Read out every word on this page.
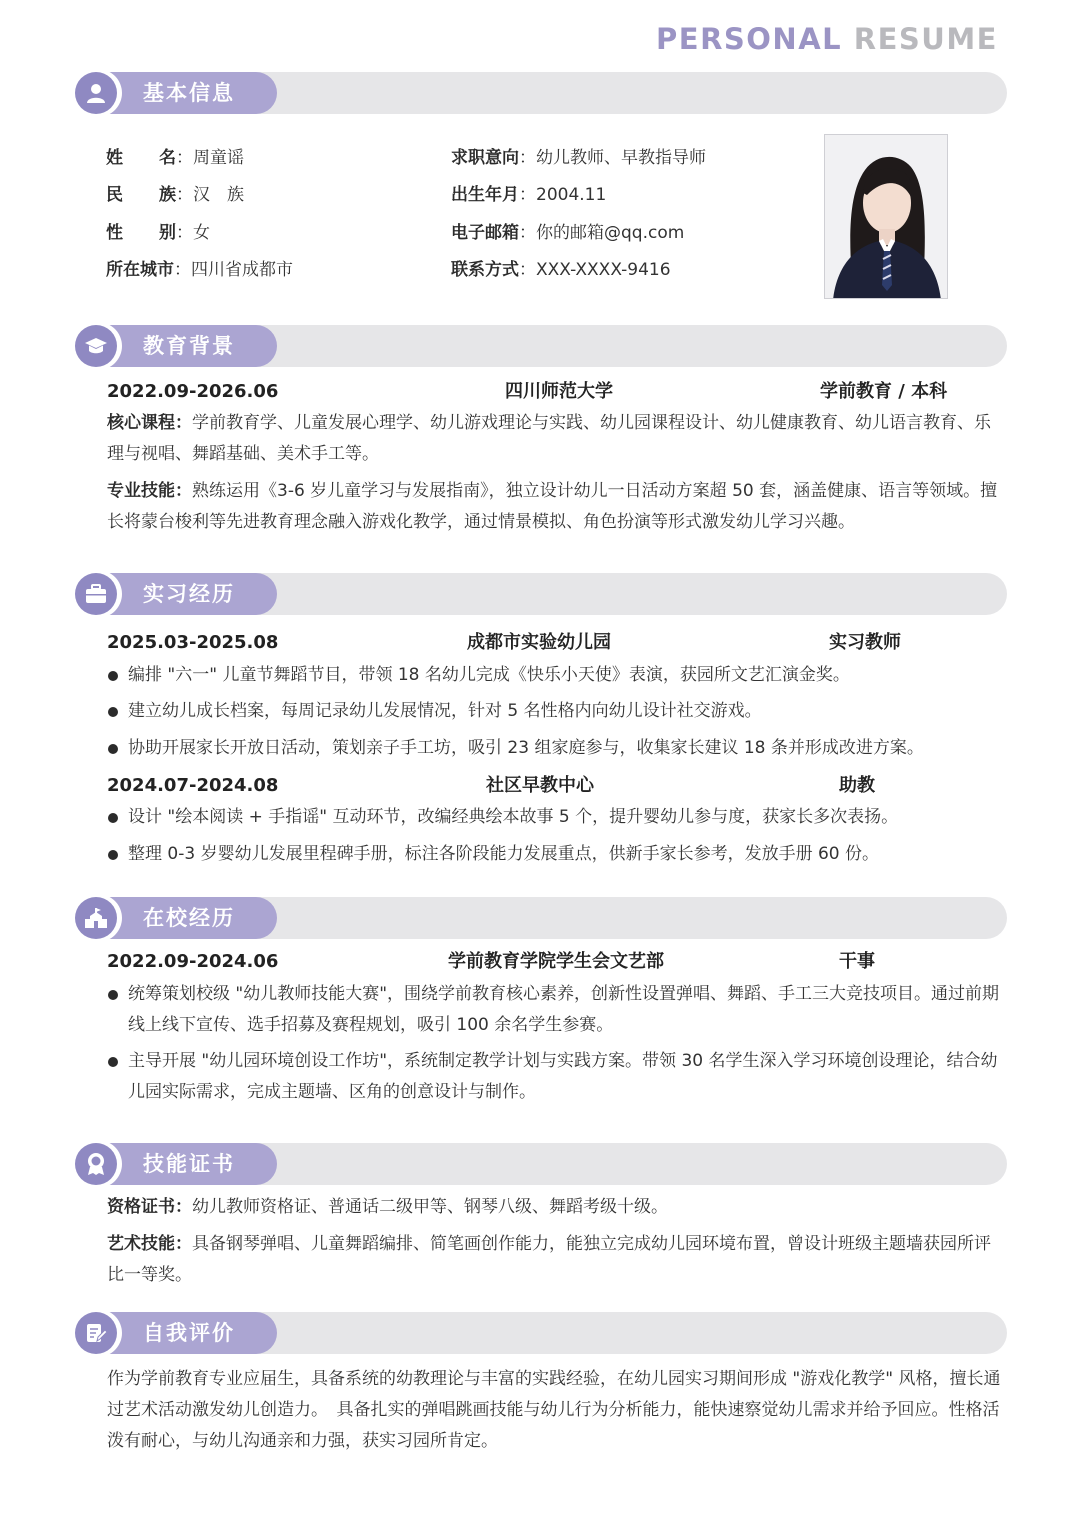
PERSONAL RESUME
基本信息
姓 名：周童谣
民 族：汉　族
性 别：女
所在城市：四川省成都市
求职意向：幼儿教师、早教指导师
出生年月：2004.11
电子邮箱：你的邮箱@qq.com
联系方式：XXX-XXXX-9416
教育背景
2022.09-2026.06	四川师范大学	学前教育 / 本科
核心课程：学前教育学、儿童发展心理学、幼儿游戏理论与实践、幼儿园课程设计、幼儿健康教育、幼儿语言教育、乐理与视唱、舞蹈基础、美术手工等。
专业技能：熟练运用《3-6 岁儿童学习与发展指南》，独立设计幼儿一日活动方案超 50 套，涵盖健康、语言等领域。擅长将蒙台梭利等先进教育理念融入游戏化教学，通过情景模拟、角色扮演等形式激发幼儿学习兴趣。
实习经历
2025.03-2025.08	成都市实验幼儿园	实习教师
编排 "六一" 儿童节舞蹈节目，带领 18 名幼儿完成《快乐小天使》表演，获园所文艺汇演金奖。
建立幼儿成长档案，每周记录幼儿发展情况，针对 5 名性格内向幼儿设计社交游戏。
协助开展家长开放日活动，策划亲子手工坊，吸引 23 组家庭参与，收集家长建议 18 条并形成改进方案。
2024.07-2024.08	社区早教中心	助教
设计 "绘本阅读 + 手指谣" 互动环节，改编经典绘本故事 5 个，提升婴幼儿参与度，获家长多次表扬。
整理 0-3 岁婴幼儿发展里程碑手册，标注各阶段能力发展重点，供新手家长参考，发放手册 60 份。
在校经历
2022.09-2024.06	学前教育学院学生会文艺部	干事
统筹策划校级 "幼儿教师技能大赛"，围绕学前教育核心素养，创新性设置弹唱、舞蹈、手工三大竞技项目。通过前期线上线下宣传、选手招募及赛程规划，吸引 100 余名学生参赛。
主导开展 "幼儿园环境创设工作坊"，系统制定教学计划与实践方案。带领 30 名学生深入学习环境创设理论，结合幼儿园实际需求，完成主题墙、区角的创意设计与制作。
技能证书
资格证书：幼儿教师资格证、普通话二级甲等、钢琴八级、舞蹈考级十级。
艺术技能：具备钢琴弹唱、儿童舞蹈编排、简笔画创作能力，能独立完成幼儿园环境布置，曾设计班级主题墙获园所评比一等奖。
自我评价
作为学前教育专业应届生，具备系统的幼教理论与丰富的实践经验，在幼儿园实习期间形成 "游戏化教学" 风格，擅长通过艺术活动激发幼儿创造力。　具备扎实的弹唱跳画技能与幼儿行为分析能力，能快速察觉幼儿需求并给予回应。性格活泼有耐心，与幼儿沟通亲和力强，获实习园所肯定。
